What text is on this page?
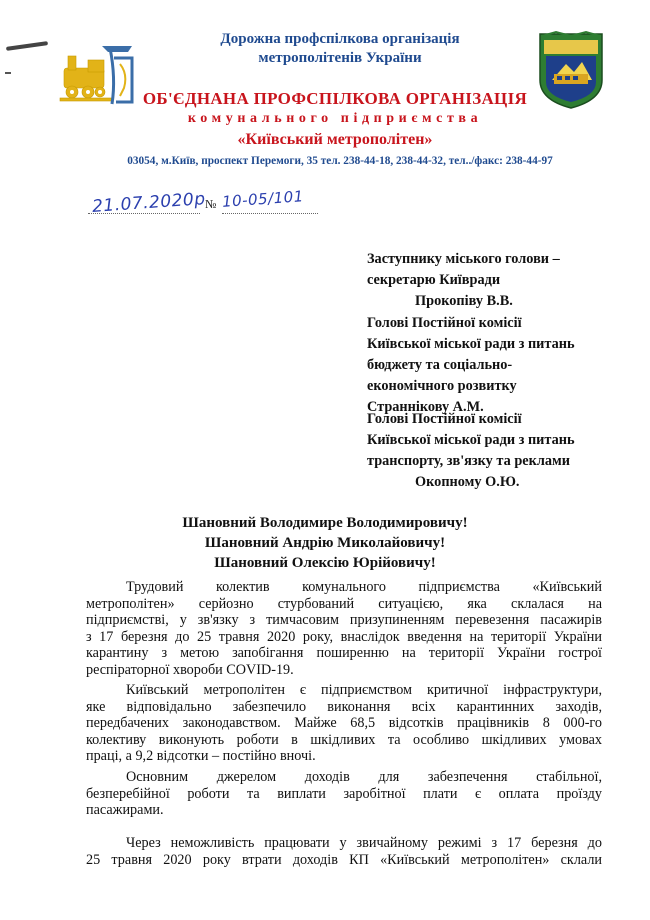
Дорожна профспілкова організація
метрополітенів України
ОБ'ЄДНАНА ПРОФСПІЛКОВА ОРГАНІЗАЦІЯ
комунального підприємства
«Київський метрополітен»
03054, м.Київ, проспект Перемоги, 35 тел. 238-44-18, 238-44-32, тел../факс: 238-44-97
21.07.2020р
№ 10-05/101
Заступнику міського голови –
секретарю Київради
Прокопіву В.В.
Голові Постійної комісії
Київської міської ради з питань
бюджету та соціально-
економічного розвитку
Страннікову А.М.
Голові Постійної комісії
Київської міської ради з питань
транспорту, зв'язку та реклами
Окопному О.Ю.
Шановний Володимире Володимировичу!
Шановний Андрію Миколайовичу!
Шановний Олексію Юрійовичу!
Трудовий колектив комунального підприємства «Київський
метрополітен» серйозно стурбований ситуацією, яка склалася на
підприємстві, у зв'язку з тимчасовим призупиненням перевезення пасажирів
з 17 березня до 25 травня 2020 року, внаслідок введення на території України
карантину з метою запобігання поширенню на території України гострої
респіраторної хвороби COVID-19.
Київський метрополітен є підприємством критичної інфраструктури,
яке відповідально забезпечило виконання всіх карантинних заходів,
передбачених законодавством. Майже 68,5 відсотків працівників 8 000-го
колективу виконують роботи в шкідливих та особливо шкідливих умовах
праці, а 9,2 відсотки – постійно вночі.
Основним джерелом доходів для забезпечення стабільної,
безперебійної роботи та виплати заробітної плати є оплата проїзду
пасажирами.
Через неможливість працювати у звичайному режимі з 17 березня до
25 травня 2020 року втрати доходів КП «Київський метрополітен» склали
